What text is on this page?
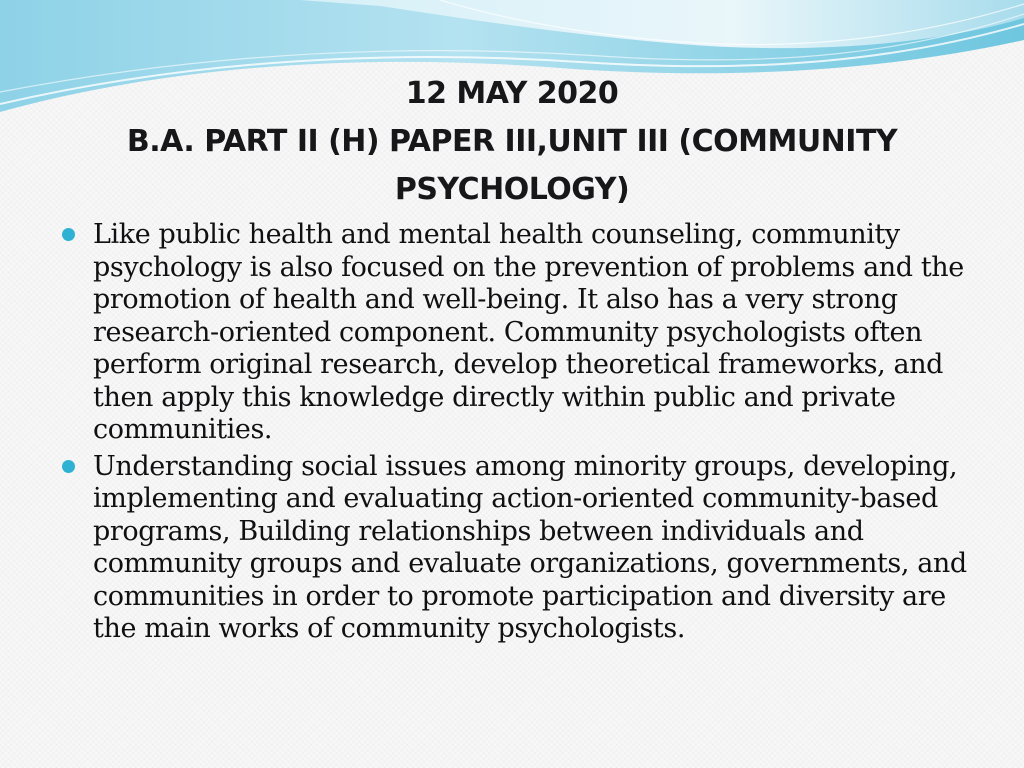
12 MAY 2020
B.A. PART II (H) PAPER III,UNIT III (COMMUNITY
PSYCHOLOGY)
Like public health and mental health counseling, community psychology is also focused on the prevention of problems and the promotion of health and well-being. It also has a very strong research-oriented component. Community psychologists often perform original research, develop theoretical frameworks, and then apply this knowledge directly within public and private communities.
Understanding social issues among minority groups, developing, implementing and evaluating action-oriented community-based programs, Building relationships between individuals and community groups and evaluate organizations, governments, and communities in order to promote participation and diversity are the main works of community psychologists.
